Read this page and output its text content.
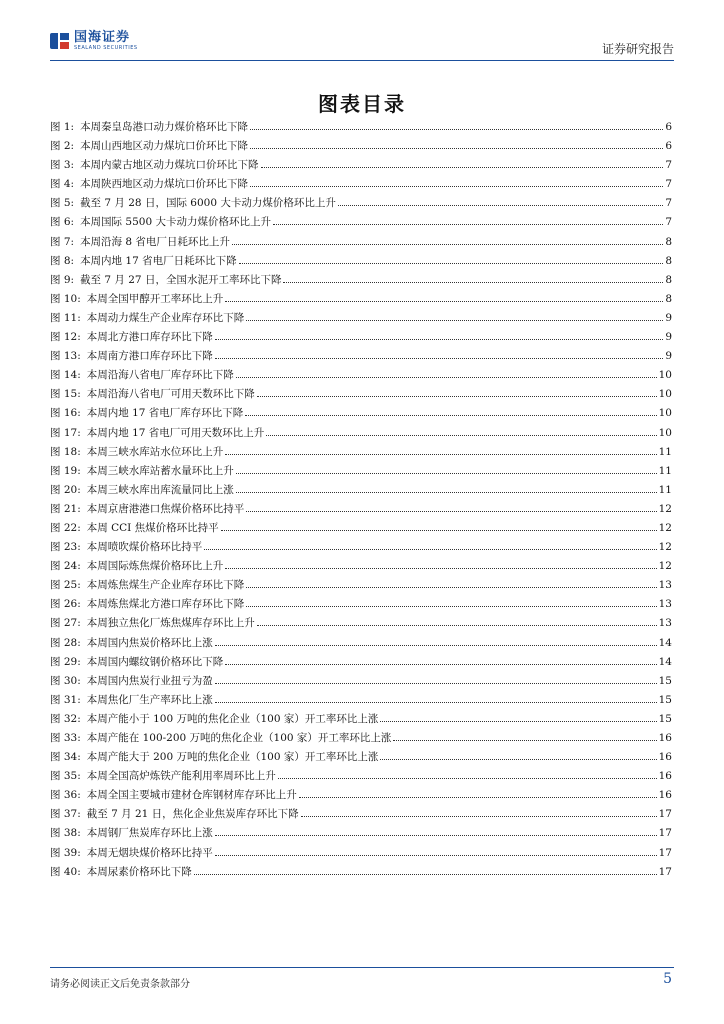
国海证券
SEALAND SECURITIES	证券研究报告
图表目录
图 1: 本周秦皇岛港口动力煤价格环比下降	6
图 2: 本周山西地区动力煤坑口价环比下降	6
图 3: 本周内蒙古地区动力煤坑口价环比下降	7
图 4: 本周陕西地区动力煤坑口价环比下降	7
图 5: 截至 7 月 28 日，国际 6000 大卡动力煤价格环比上升	7
图 6: 本周国际 5500 大卡动力煤价格环比上升	7
图 7: 本周沿海 8 省电厂日耗环比上升	8
图 8: 本周内地 17 省电厂日耗环比下降	8
图 9: 截至 7 月 27 日，全国水泥开工率环比下降	8
图 10: 本周全国甲醇开工率环比上升	8
图 11: 本周动力煤生产企业库存环比下降	9
图 12: 本周北方港口库存环比下降	9
图 13: 本周南方港口库存环比下降	9
图 14: 本周沿海八省电厂库存环比下降	10
图 15: 本周沿海八省电厂可用天数环比下降	10
图 16: 本周内地 17 省电厂库存环比下降	10
图 17: 本周内地 17 省电厂可用天数环比上升	10
图 18: 本周三峡水库站水位环比上升	11
图 19: 本周三峡水库站蓄水量环比上升	11
图 20: 本周三峡水库出库流量同比上涨	11
图 21: 本周京唐港港口焦煤价格环比持平	12
图 22: 本周 CCI 焦煤价格环比持平	12
图 23: 本周喷吹煤价格环比持平	12
图 24: 本周国际炼焦煤价格环比上升	12
图 25: 本周炼焦煤生产企业库存环比下降	13
图 26: 本周炼焦煤北方港口库存环比下降	13
图 27: 本周独立焦化厂炼焦煤库存环比上升	13
图 28: 本周国内焦炭价格环比上涨	14
图 29: 本周国内螺纹钢价格环比下降	14
图 30: 本周国内焦炭行业扭亏为盈	15
图 31: 本周焦化厂生产率环比上涨	15
图 32: 本周产能小于 100 万吨的焦化企业（100 家）开工率环比上涨	15
图 33: 本周产能在 100-200 万吨的焦化企业（100 家）开工率环比上涨	16
图 34: 本周产能大于 200 万吨的焦化企业（100 家）开工率环比上涨	16
图 35: 本周全国高炉炼铁产能利用率周环比上升	16
图 36: 本周全国主要城市建材仓库钢材库存环比上升	16
图 37: 截至 7 月 21 日，焦化企业焦炭库存环比下降	17
图 38: 本周钢厂焦炭库存环比上涨	17
图 39: 本周无烟块煤价格环比持平	17
图 40: 本周尿素价格环比下降	17
请务必阅读正文后免责条款部分	5
